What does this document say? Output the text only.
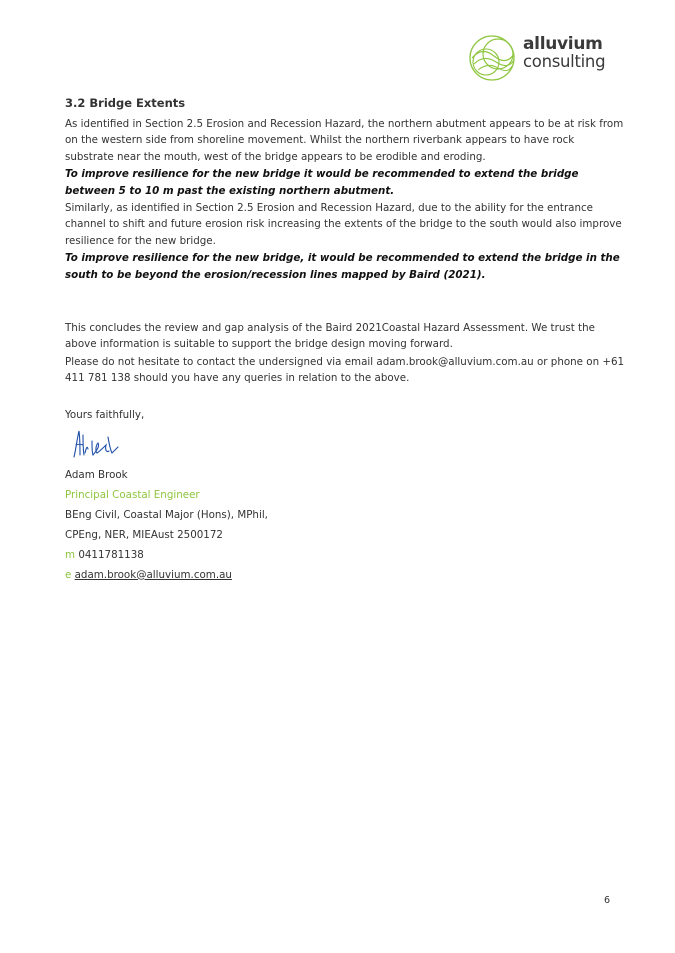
alluvium
consulting
3.2 Bridge Extents

As identified in Section 2.5 Erosion and Recession Hazard, the northern abutment appears to be at risk from on the western side from shoreline movement. Whilst the northern riverbank appears to have rock substrate near the mouth, west of the bridge appears to be erodible and eroding.

To improve resilience for the new bridge it would be recommended to extend the bridge between 5 to 10 m past the existing northern abutment.

Similarly, as identified in Section 2.5 Erosion and Recession Hazard, due to the ability for the entrance channel to shift and future erosion risk increasing the extents of the bridge to the south would also improve resilience for the new bridge.

To improve resilience for the new bridge, it would be recommended to extend the bridge in the south to be beyond the erosion/recession lines mapped by Baird (2021).

This concludes the review and gap analysis of the Baird 2021Coastal Hazard Assessment. We trust the above information is suitable to support the bridge design moving forward.

Please do not hesitate to contact the undersigned via email adam.brook@alluvium.com.au or phone on +61 411 781 138 should you have any queries in relation to the above.

Yours faithfully,
Adam Brook
Principal Coastal Engineer
BEng Civil, Coastal Major (Hons), MPhil,
CPEng, NER, MIEAust 2500172
m 0411781138
e adam.brook@alluvium.com.au
6
